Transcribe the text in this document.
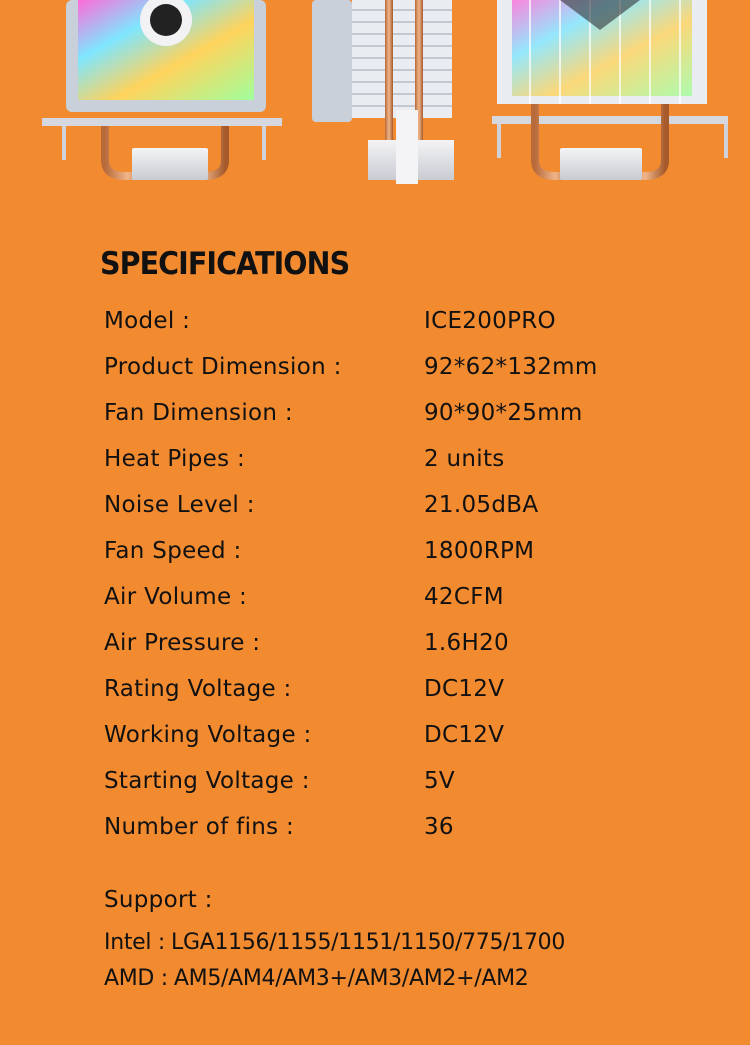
SPECIFICATIONS
Model :	ICE200PRO
Product Dimension :	92*62*132mm
Fan Dimension :	90*90*25mm
Heat Pipes :	2 units
Noise Level :	21.05dBA
Fan Speed :	1800RPM
Air Volume :	42CFM
Air Pressure :	1.6H20
Rating Voltage :	DC12V
Working Voltage :	DC12V
Starting Voltage :	5V
Number of fins :	36
Support :
Intel : LGA1156/1155/1151/1150/775/1700
AMD : AM5/AM4/AM3+/AM3/AM2+/AM2
